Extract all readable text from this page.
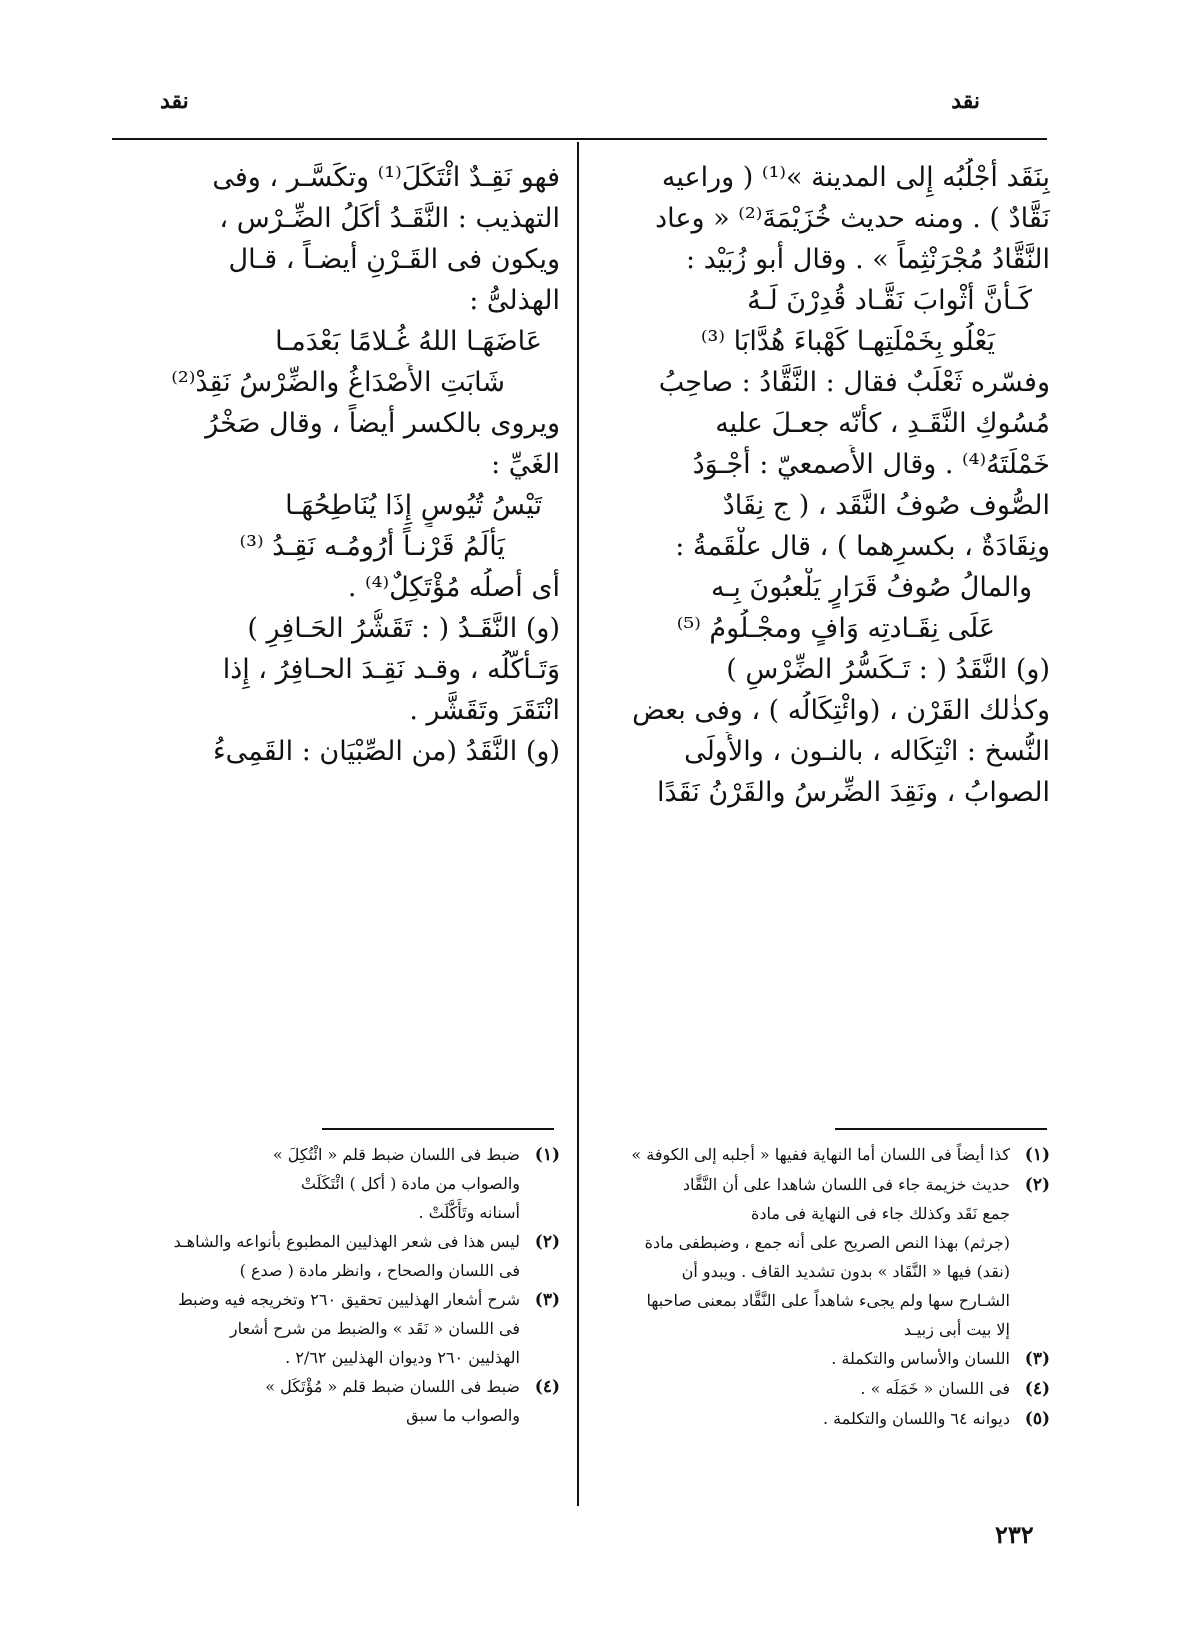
نقد
نقد
بِنَقَد أَجْلُبُه إِلى المدينة »⁽¹⁾ ( وراعيه
نَقَّادٌ ) . ومنه حديث خُزَيْمَةَ⁽²⁾ « وعاد
النَّقَّادُ مُجْرَنْثِماً » . وقال أَبو زُبَيْد :
كَـأَنَّ أَثْوابَ نَقَّـاد قُدِرْنَ لَـهُ
يَعْلُو بِخَمْلَتِهـا كَهْباءَ هُدَّابَا ⁽³⁾
وفسّره ثَعْلَبٌ فقال : النَّقَّادُ : صاحِبُ
مُسُوكِ النَّقَـدِ ، كأَنّه جعـلَ عليه
خَمْلَتَهُ⁽⁴⁾ . وقال الأَصمعيّ : أَجْـوَدُ
الصُّوف صُوفُ النَّقَد ، ( ج نِقَادٌ
ونِقَادَةٌ ، بكسرِهما ) ، قال علْقَمةُ :
والمالُ صُوفُ قَرَارٍ يَلْعبُونَ بِـه
عَلَى نِقَـادتِه وَافٍ ومجْـلُومُ ⁽⁵⁾
(و) النَّقَدُ ( : تَـكَسُّرُ الضِّرْسِ )
وكذٰلك القَرْن ، (وائْتِكَالُه ) ، وفى بعض
النُّسخ : انْتِكَاله ، بالنـون ، والأُولَى
الصوابُ ، ونَقِدَ الضِّرسُ والقَرْنُ نَقَدًا
فهو نَقِـدٌ ائْتَكَلَ⁽¹⁾ وتكَسَّـر ، وفى
التهذيب : النَّقَـدُ أَكَلُ الضِّـرْس ،
ويكون فى القَـرْنِ أَيضـاً ، قـال
الهذلىُّ :
عَاضَهَـا اللهُ غُـلامًا بَعْدَمـا
شَابَتِ الأَصْدَاغُ والضِّرْسُ نَقِدْ⁽²⁾
ويروى بالكسر أَيضاً ، وقال صَخْرُ
الغَيِّ :
تَيْسُ تُيُوسٍ إِذَا يُنَاطِحُهَـا
يَأْلَمُ قَرْنـاً أُرُومُـه نَقِـدُ ⁽³⁾
أَى أَصلُه مُؤْتَكِلٌ⁽⁴⁾ .
(و) النَّقَـدُ ( : تَقَشُّرُ الحَـافِرِ )
وَتَـأَكُّلُه ، وقـد نَقِـدَ الحـافِرُ ، إِذا
انْتَقَرَ وتَقَشَّر .
(و) النَّقَدُ (من الصِّبْيَان : القَمِىءُ
(١)
كذا أيضاً فى اللسان أما النهاية ففيها « أجلبه إلى الكوفة »
(٢)
حديث خزيمة جاء فى اللسان شاهدا على أن النَّقَّاد
جمع نَقَد وكذلك جاء فى النهاية فى مادة
(جرثم) بهذا النص الصريح على أنه جمع ، وضبطفى مادة
(نقد) فيها « النَّقَاد » بدون تشديد القاف . ويبدو أن
الشـارح سها ولم يجىء شاهداً على النَّقَّاد بمعنى صاحبها
إلا بيت أبى زبيـد
(٣)
اللسان والأساس والتكملة .
(٤)
فى اللسان « خَمَلَه » .
(٥)
ديوانه ٦٤ واللسان والتكلمة .
(١)
ضبط فى اللسان ضبط قلم « ائْتُكِلَ »
والصواب من مادة ( أكل ) ائْتَكَلَتْ
أسنانه وتَأَكَّلَتْ .
(٢)
ليس هذا فى شعر الهذليين المطبوع بأنواعه والشاهـد
فى اللسان والصحاح ، وانظر مادة ( صدع )
(٣)
شرح أشعار الهذليين تحقيق ٢٦٠ وتخريجه فيه وضبط
فى اللسان « نَقَد » والضبط من شرح أشعار
الهذليين ٢٦٠ وديوان الهذليين ٢/٦٢ .
(٤)
ضبط فى اللسان ضبط قلم « مُؤْتَكَل »
والصواب ما سبق
٢٣٢
